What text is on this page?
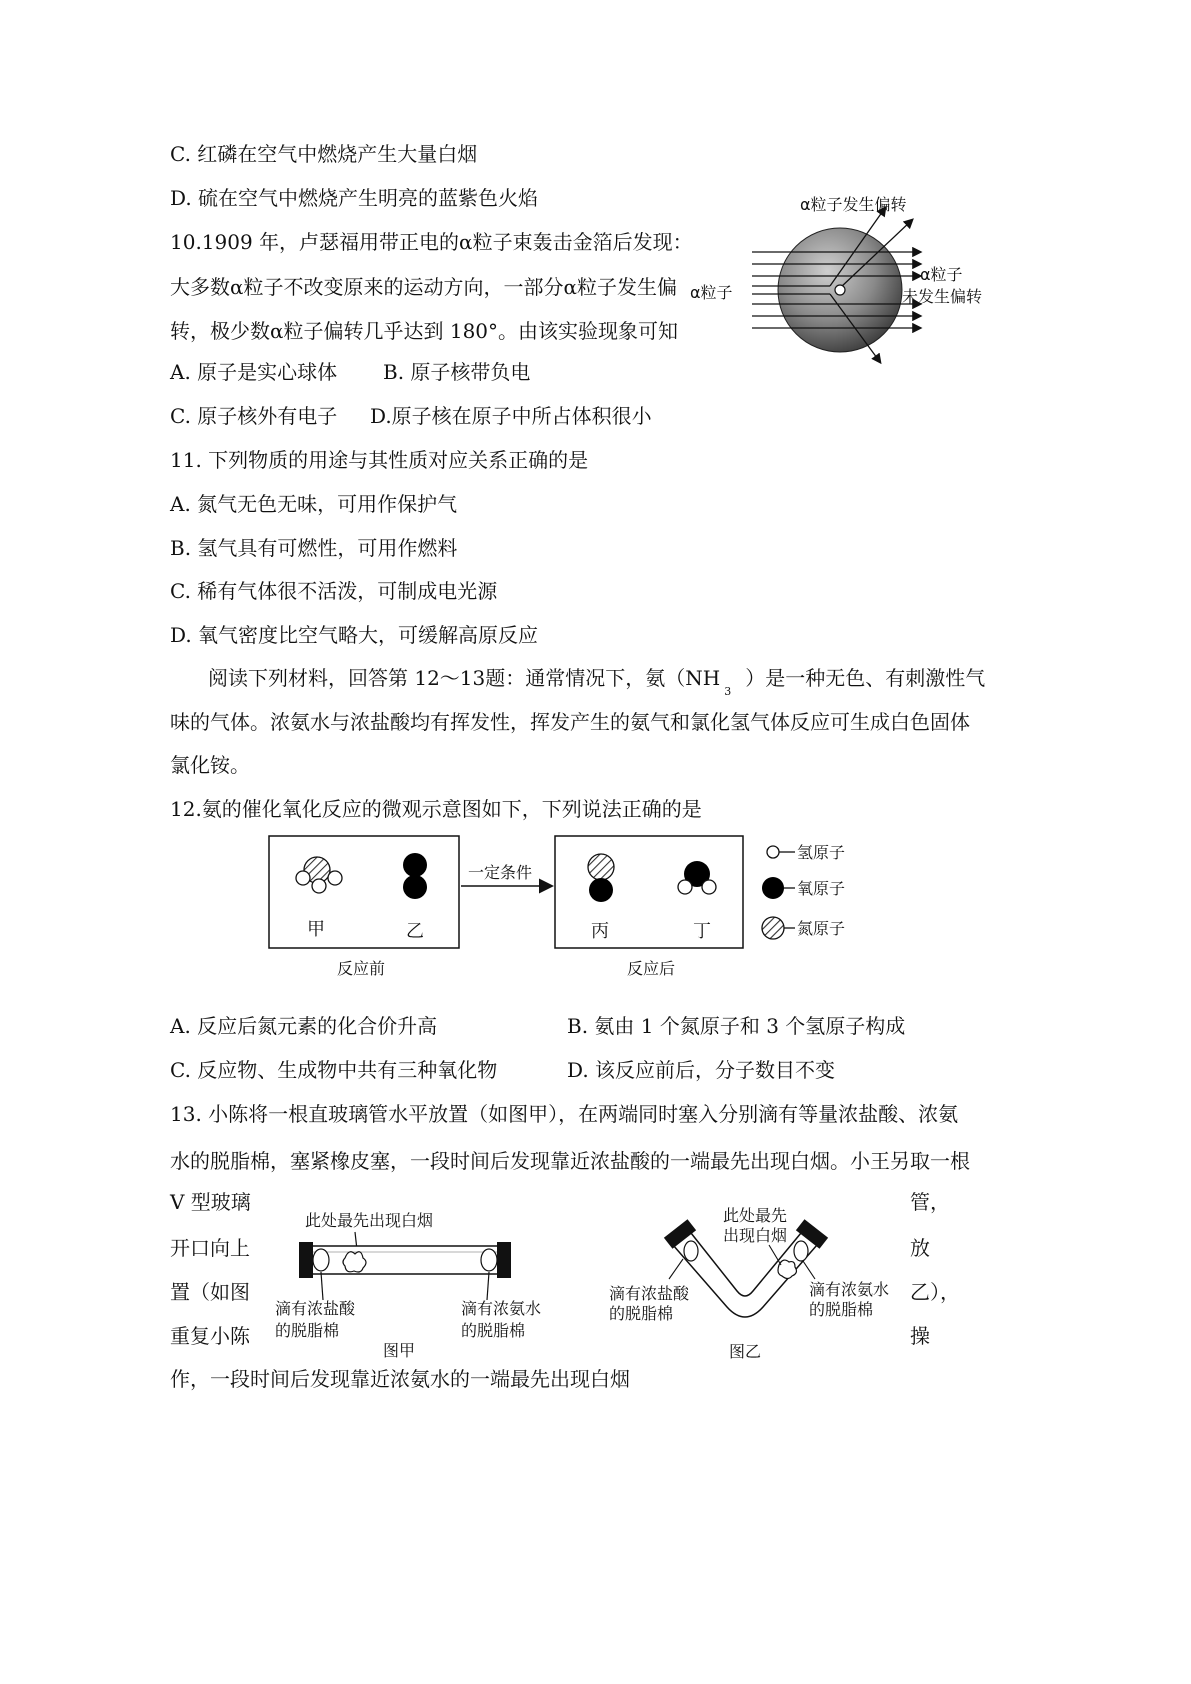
C. 红磷在空气中燃烧产生大量白烟
D. 硫在空气中燃烧产生明亮的蓝紫色火焰
10.1909 年，卢瑟福用带正电的α粒子束轰击金箔后发现：
大多数α粒子不改变原来的运动方向，一部分α粒子发生偏
转，极少数α粒子偏转几乎达到 180°。由该实验现象可知
A. 原子是实心球体 B. 原子核带负电
C. 原子核外有电子 D.原子核在原子中所占体积很小
α粒子发生偏转
α粒子
α粒子
未发生偏转
11. 下列物质的用途与其性质对应关系正确的是
A. 氮气无色无味，可用作保护气
B. 氢气具有可燃性，可用作燃料
C. 稀有气体很不活泼，可制成电光源
D. 氧气密度比空气略大，可缓解高原反应
阅读下列材料，回答第 12～13题：通常情况下，氨$(NH_3)$是一种无色、有刺激性气
味的气体。浓氨水与浓盐酸均有挥发性，挥发产生的氨气和氯化氢气体反应可生成白色固体
氯化铵。
12.氨的催化氧化反应的微观示意图如下，下列说法正确的是
甲	乙
反应前
一定条件
丙	丁
反应后
氢原子
氧原子
氮原子
A. 反应后氮元素的化合价升高	B. 氨由 1 个氮原子和 3 个氢原子构成
C. 反应物、生成物中共有三种氧化物	D. 该反应前后，分子数目不变
13. 小陈将一根直玻璃管水平放置（如图甲），在两端同时塞入分别滴有等量浓盐酸、浓氨
水的脱脂棉，塞紧橡皮塞，一段时间后发现靠近浓盐酸的一端最先出现白烟。小王另取一根
V 型玻璃
开口向上
置（如图
重复小陈
管，
放
乙），
操
此处最先出现白烟
滴有浓盐酸
的脱脂棉
滴有浓氨水
的脱脂棉
图甲
此处最先
出现白烟
滴有浓盐酸
的脱脂棉
滴有浓氨水
的脱脂棉
图乙
作，一段时间后发现靠近浓氨水的一端最先出现白烟
